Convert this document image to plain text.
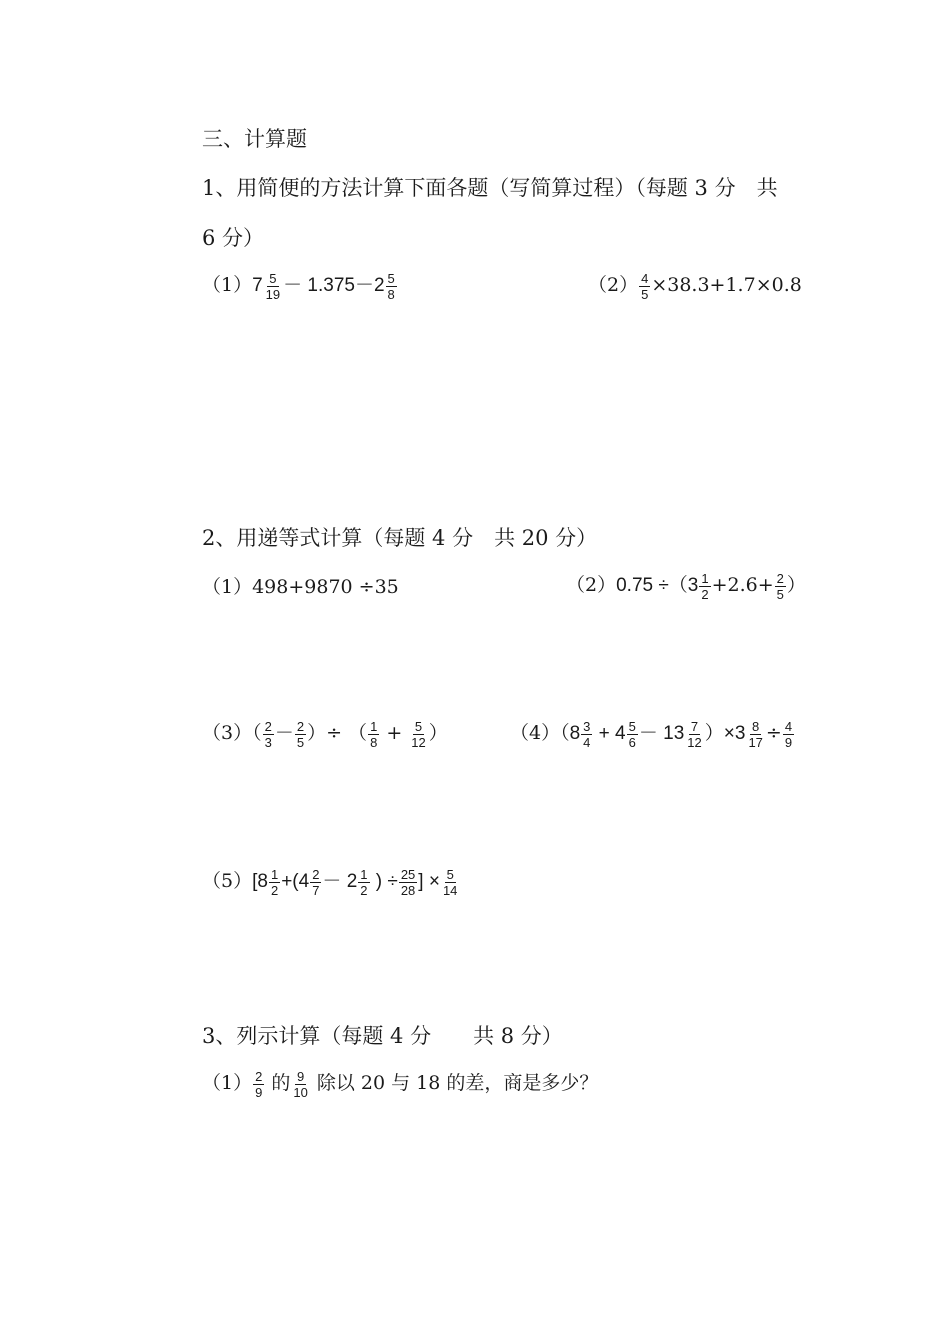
三、计算题
1、用简便的方法计算下面各题（写简算过程）（每题 3 分　共
6 分）
$(1)7 \frac{5}{19} - 1.375-2 \frac{5}{8}$	$(2) \frac{4}{5} \times 38.3+1.7\times 0.8$
2、用递等式计算（每题 4 分　共 20 分）
（1）498+9870 ÷35	$(2)0.75 \div(3 \frac{1}{2} +2.6+ \frac{2}{5}$ ）
$(3)( \frac{2}{3} - \frac{2}{5}$ ）÷ （ $\frac{1}{8} + \frac{5}{12}$ ）	$(4)(8 \frac{3}{4} + 4 \frac{5}{6} - 13 \frac{7}{12} )\times 3 \frac{8}{17} \div \frac{4}{9}$
$(5)[8 \frac{1}{2} +(4 \frac{2}{7} - 2 \frac{1}{2}$ ) ÷ $\frac{25}{28}$ ] × $\frac{5}{14}$
3、列示计算（每题 4 分　　共 8 分）
$(1) \frac{2}{9}$ 的 $\frac{9}{10}$ 除以 20 与 18 的差，商是多少？
